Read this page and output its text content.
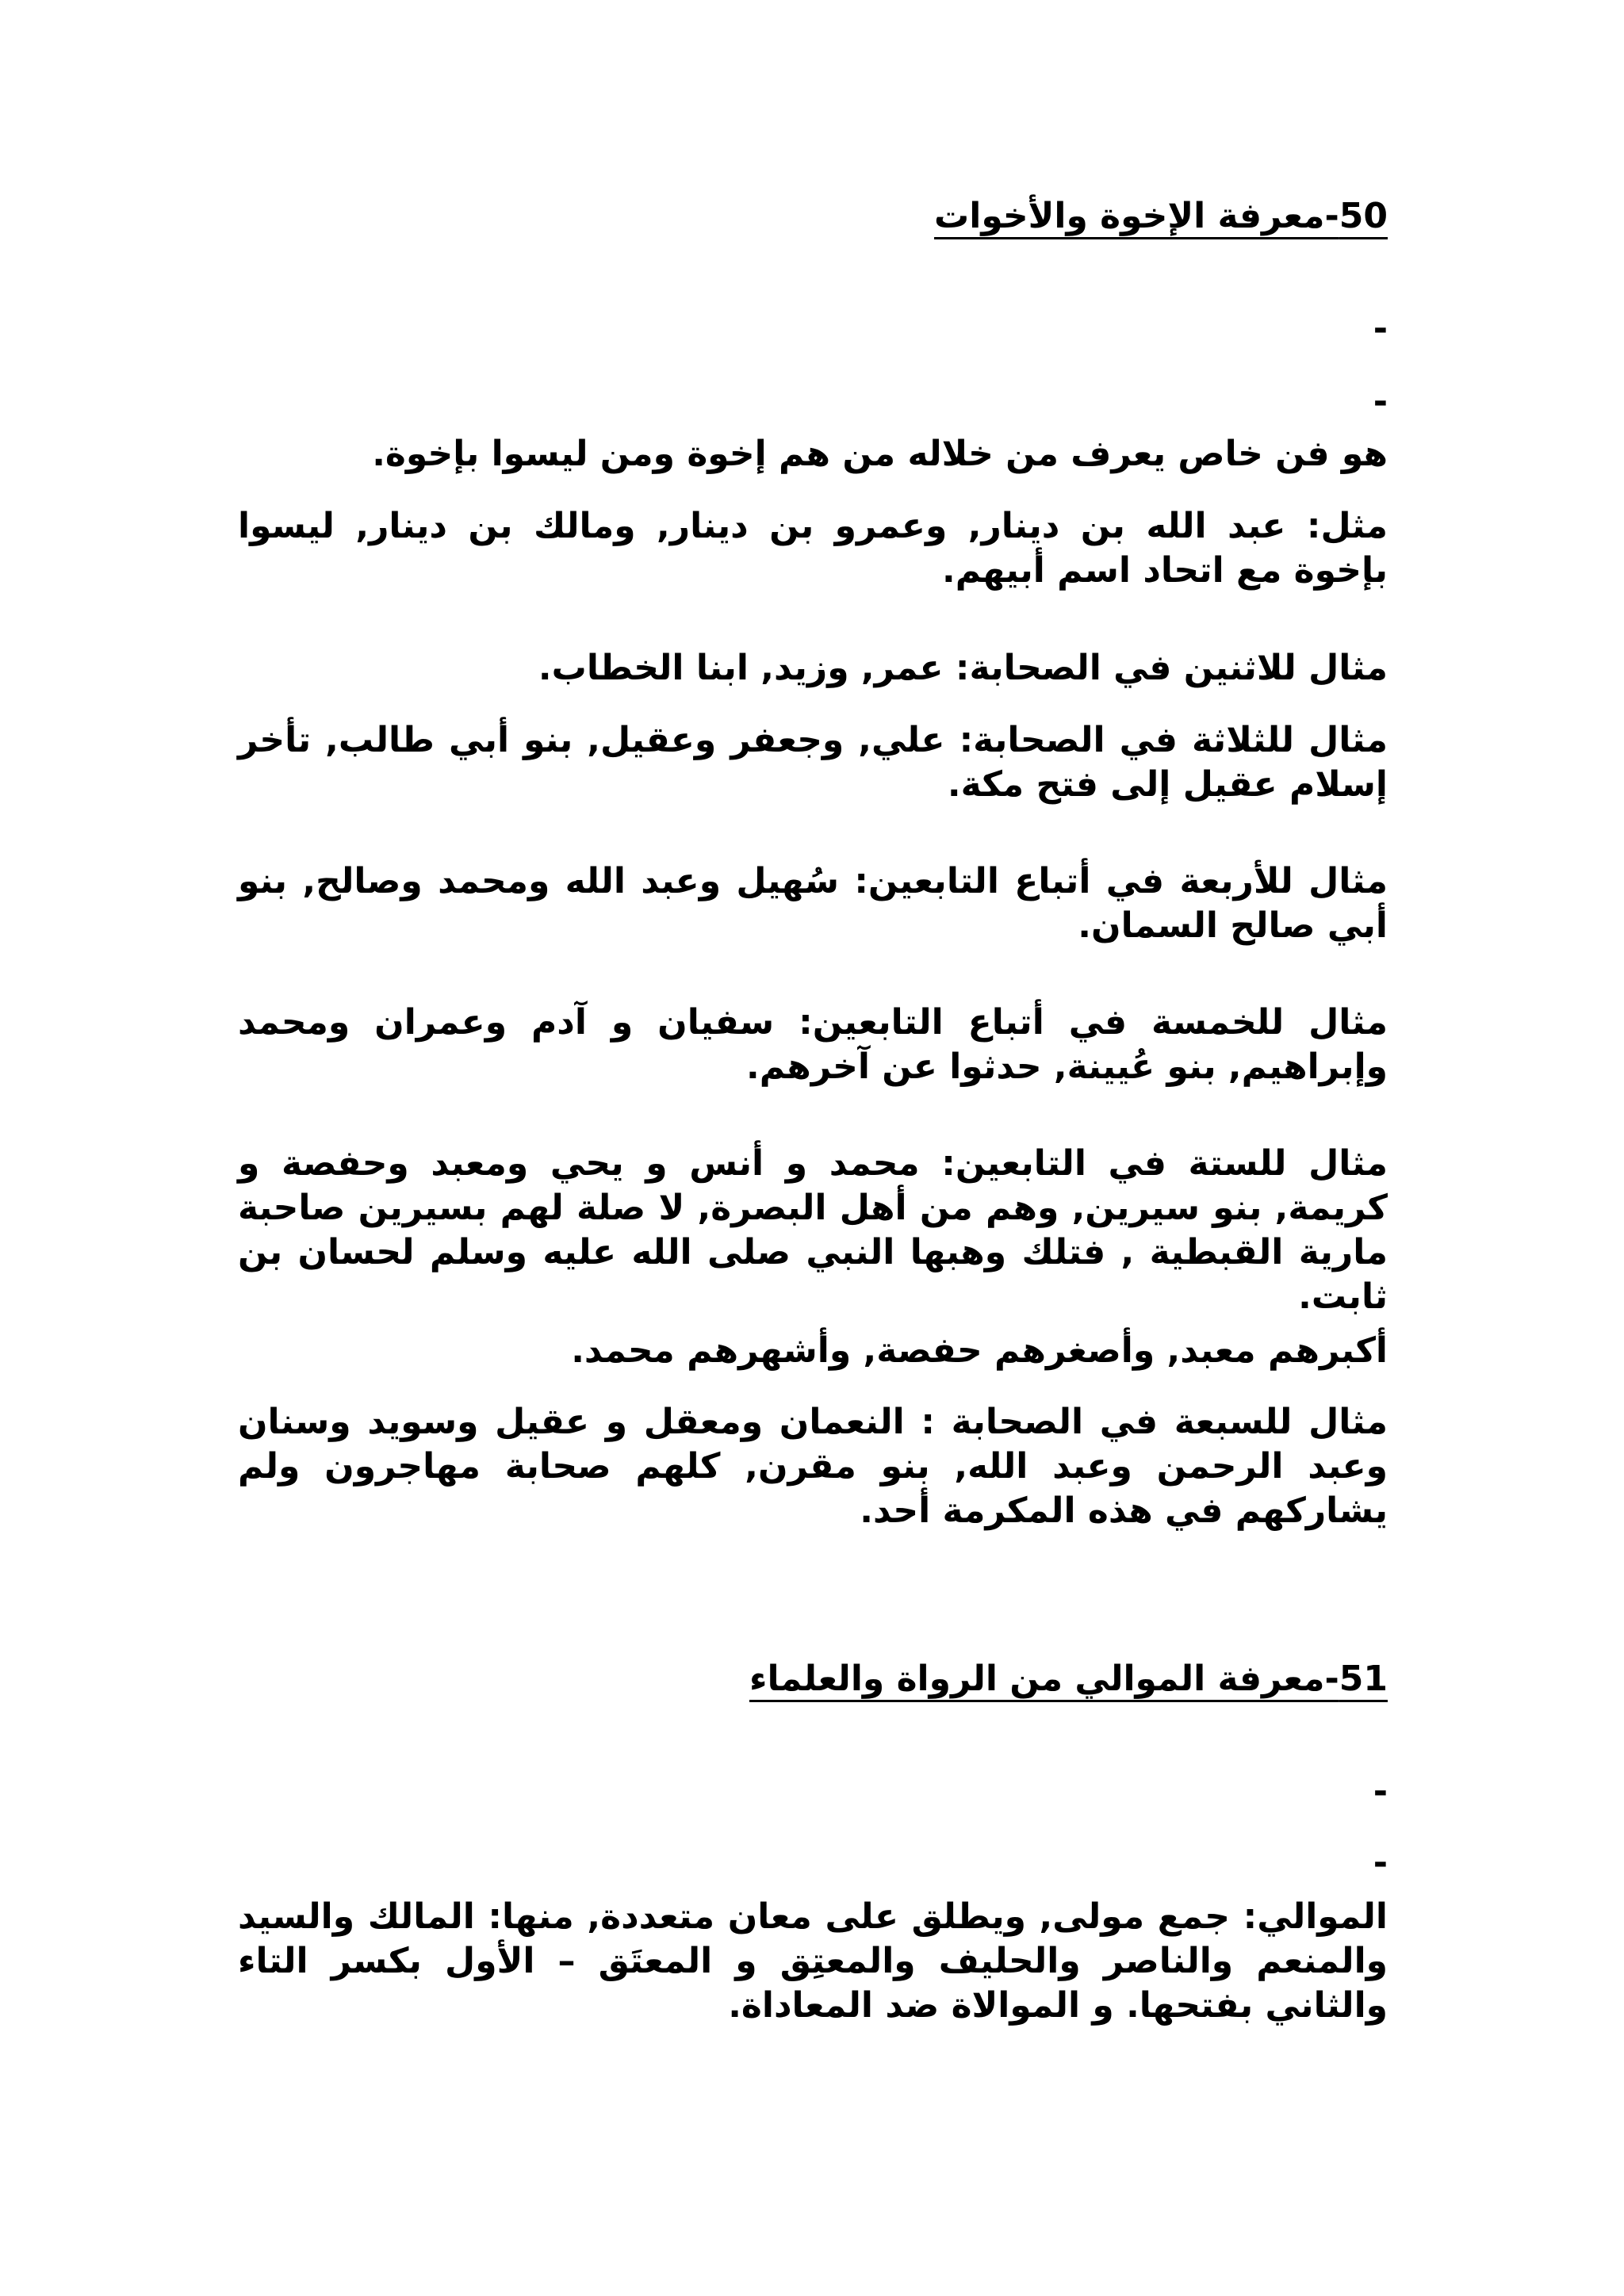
50-معرفة الإخوة والأخوات
-
-

هو فن خاص يعرف من خلاله من هم إخوة ومن ليسوا بإخوة.

مثل: عبد الله بن دينار, وعمرو بن دينار, ومالك بن دينار, ليسوا بإخوة مع اتحاد اسم أبيهم.

مثال للاثنين في الصحابة: عمر, وزيد, ابنا الخطاب.

مثال للثلاثة في الصحابة: علي, وجعفر وعقيل, بنو أبي طالب, تأخر إسلام عقيل إلى فتح مكة.

مثال للأربعة في أتباع التابعين: سُهيل وعبد الله ومحمد وصالح, بنو أبي صالح السمان.

مثال للخمسة في أتباع التابعين: سفيان و آدم وعمران ومحمد وإبراهيم, بنو عُيينة, حدثوا عن آخرهم.

مثال للستة في التابعين: محمد و أنس و يحي ومعبد وحفصة و كريمة, بنو سيرين, وهم من أهل البصرة, لا صلة لهم بسيرين صاحبة مارية القبطية , فتلك وهبها النبي صلى الله عليه وسلم لحسان بن ثابت.

أكبرهم معبد, وأصغرهم حفصة, وأشهرهم محمد.

مثال للسبعة في الصحابة : النعمان ومعقل و عقيل وسويد وسنان وعبد الرحمن وعبد الله, بنو مقرن, كلهم صحابة مهاجرون ولم يشاركهم في هذه المكرمة أحد.

51-معرفة الموالي من الرواة والعلماء
-
-

الموالي: جمع مولى, ويطلق على معان متعددة, منها: المالك والسيد والمنعم والناصر والحليف والمعتِق و المعتَق – الأول بكسر التاء والثاني بفتحها. و الموالاة ضد المعاداة.
